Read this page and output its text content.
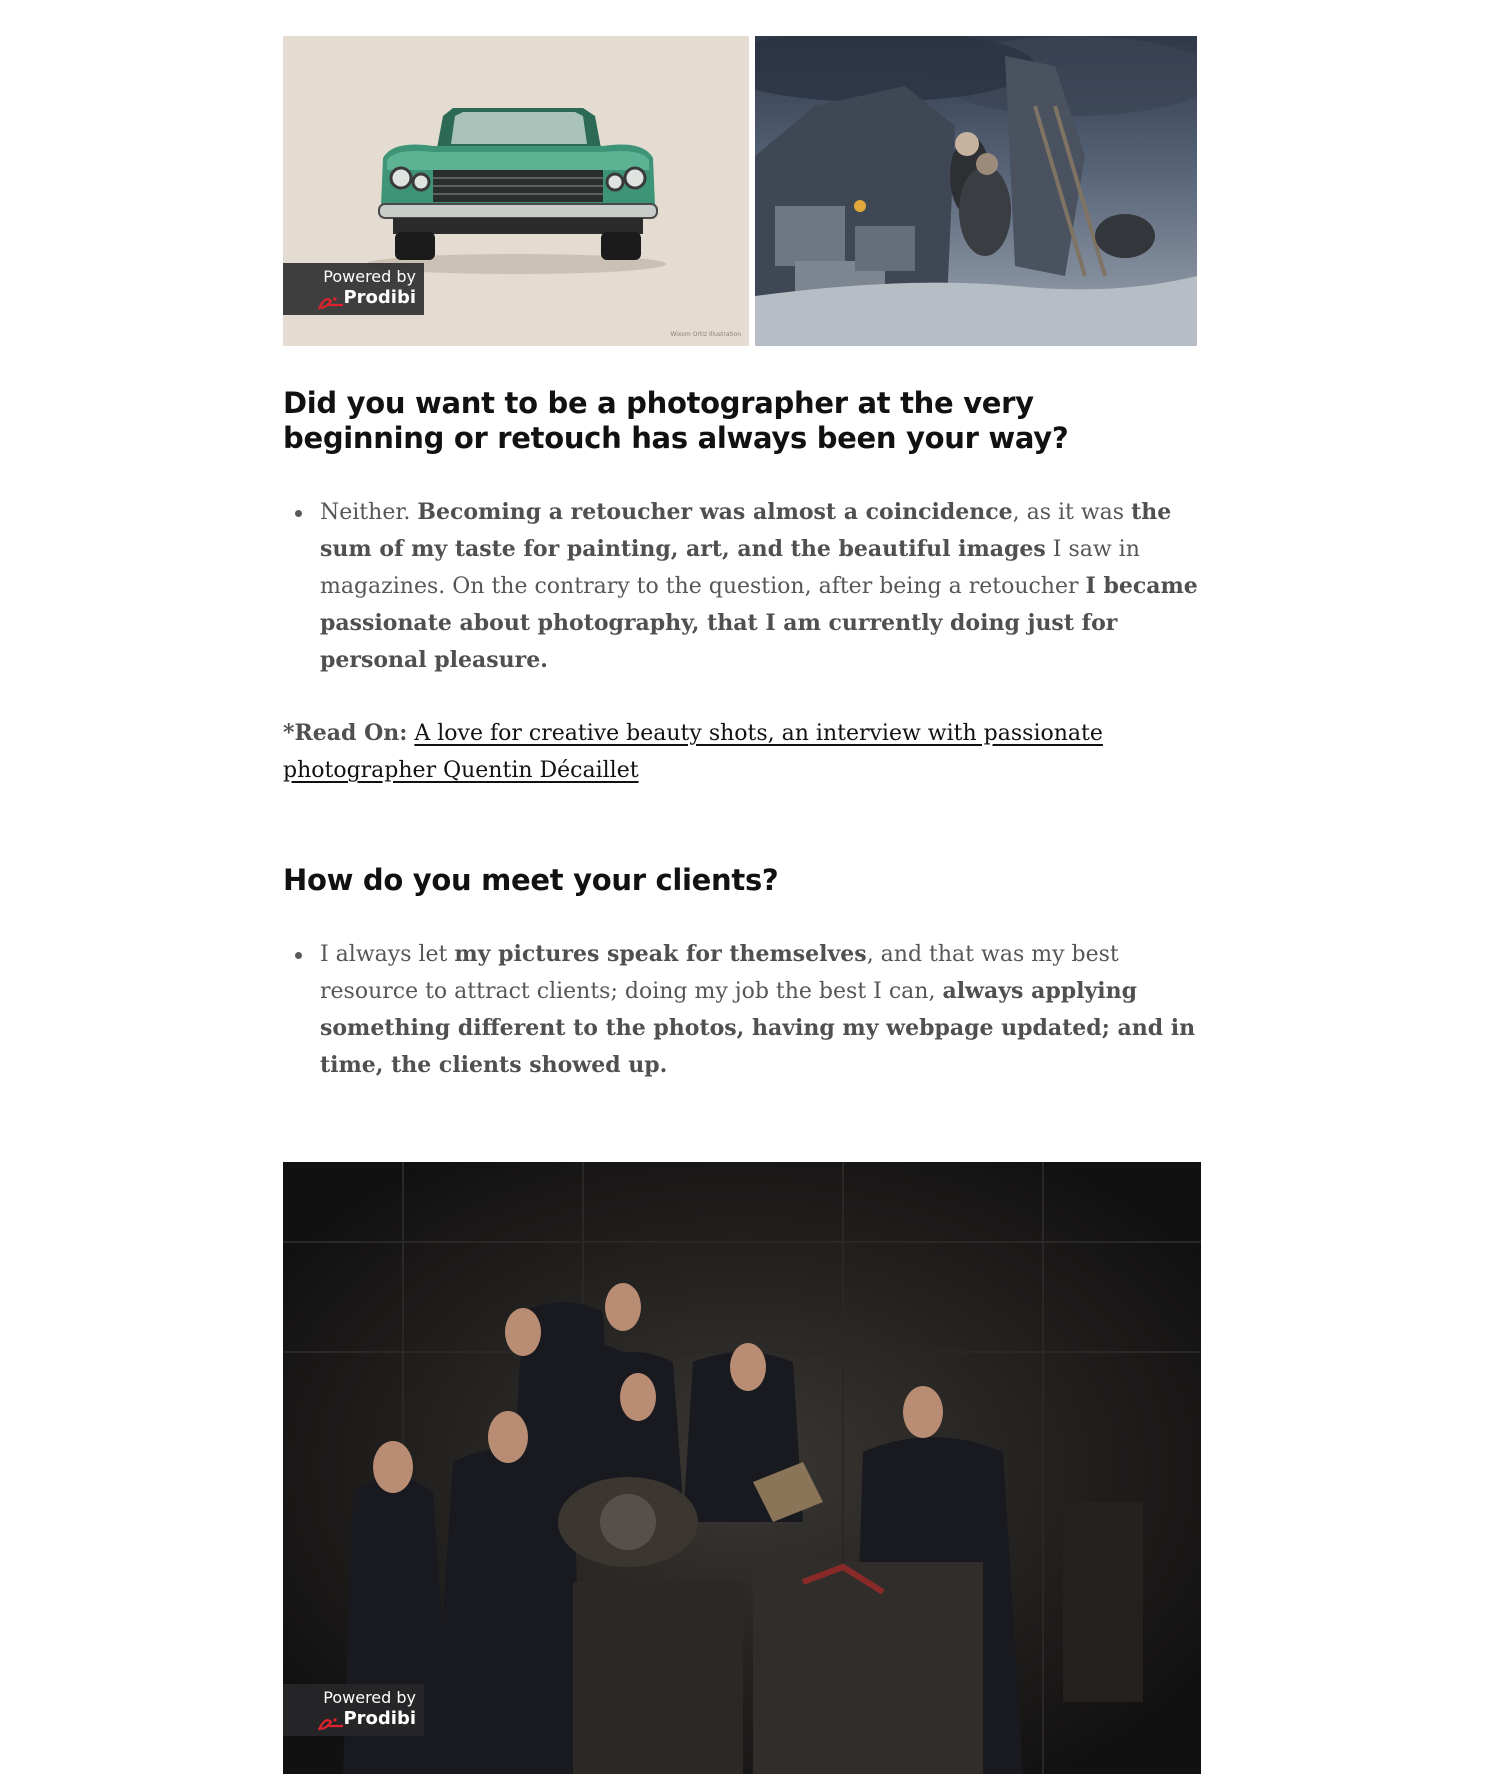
Wixom Ortiz Illustration
Powered by
Prodibi
Did you want to be a photographer at the very beginning or retouch has always been your way?
Neither. Becoming a retoucher was almost a coincidence, as it was the sum of my taste for painting, art, and the beautiful images I saw in magazines. On the contrary to the question, after being a retoucher I became passionate about photography, that I am currently doing just for personal pleasure.

*Read On: A love for creative beauty shots, an interview with passionate photographer Quentin Décaillet

How do you meet your clients?
I always let my pictures speak for themselves, and that was my best resource to attract clients; doing my job the best I can, always applying something different to the photos, having my webpage updated; and in time, the clients showed up.
Powered by
Prodibi
